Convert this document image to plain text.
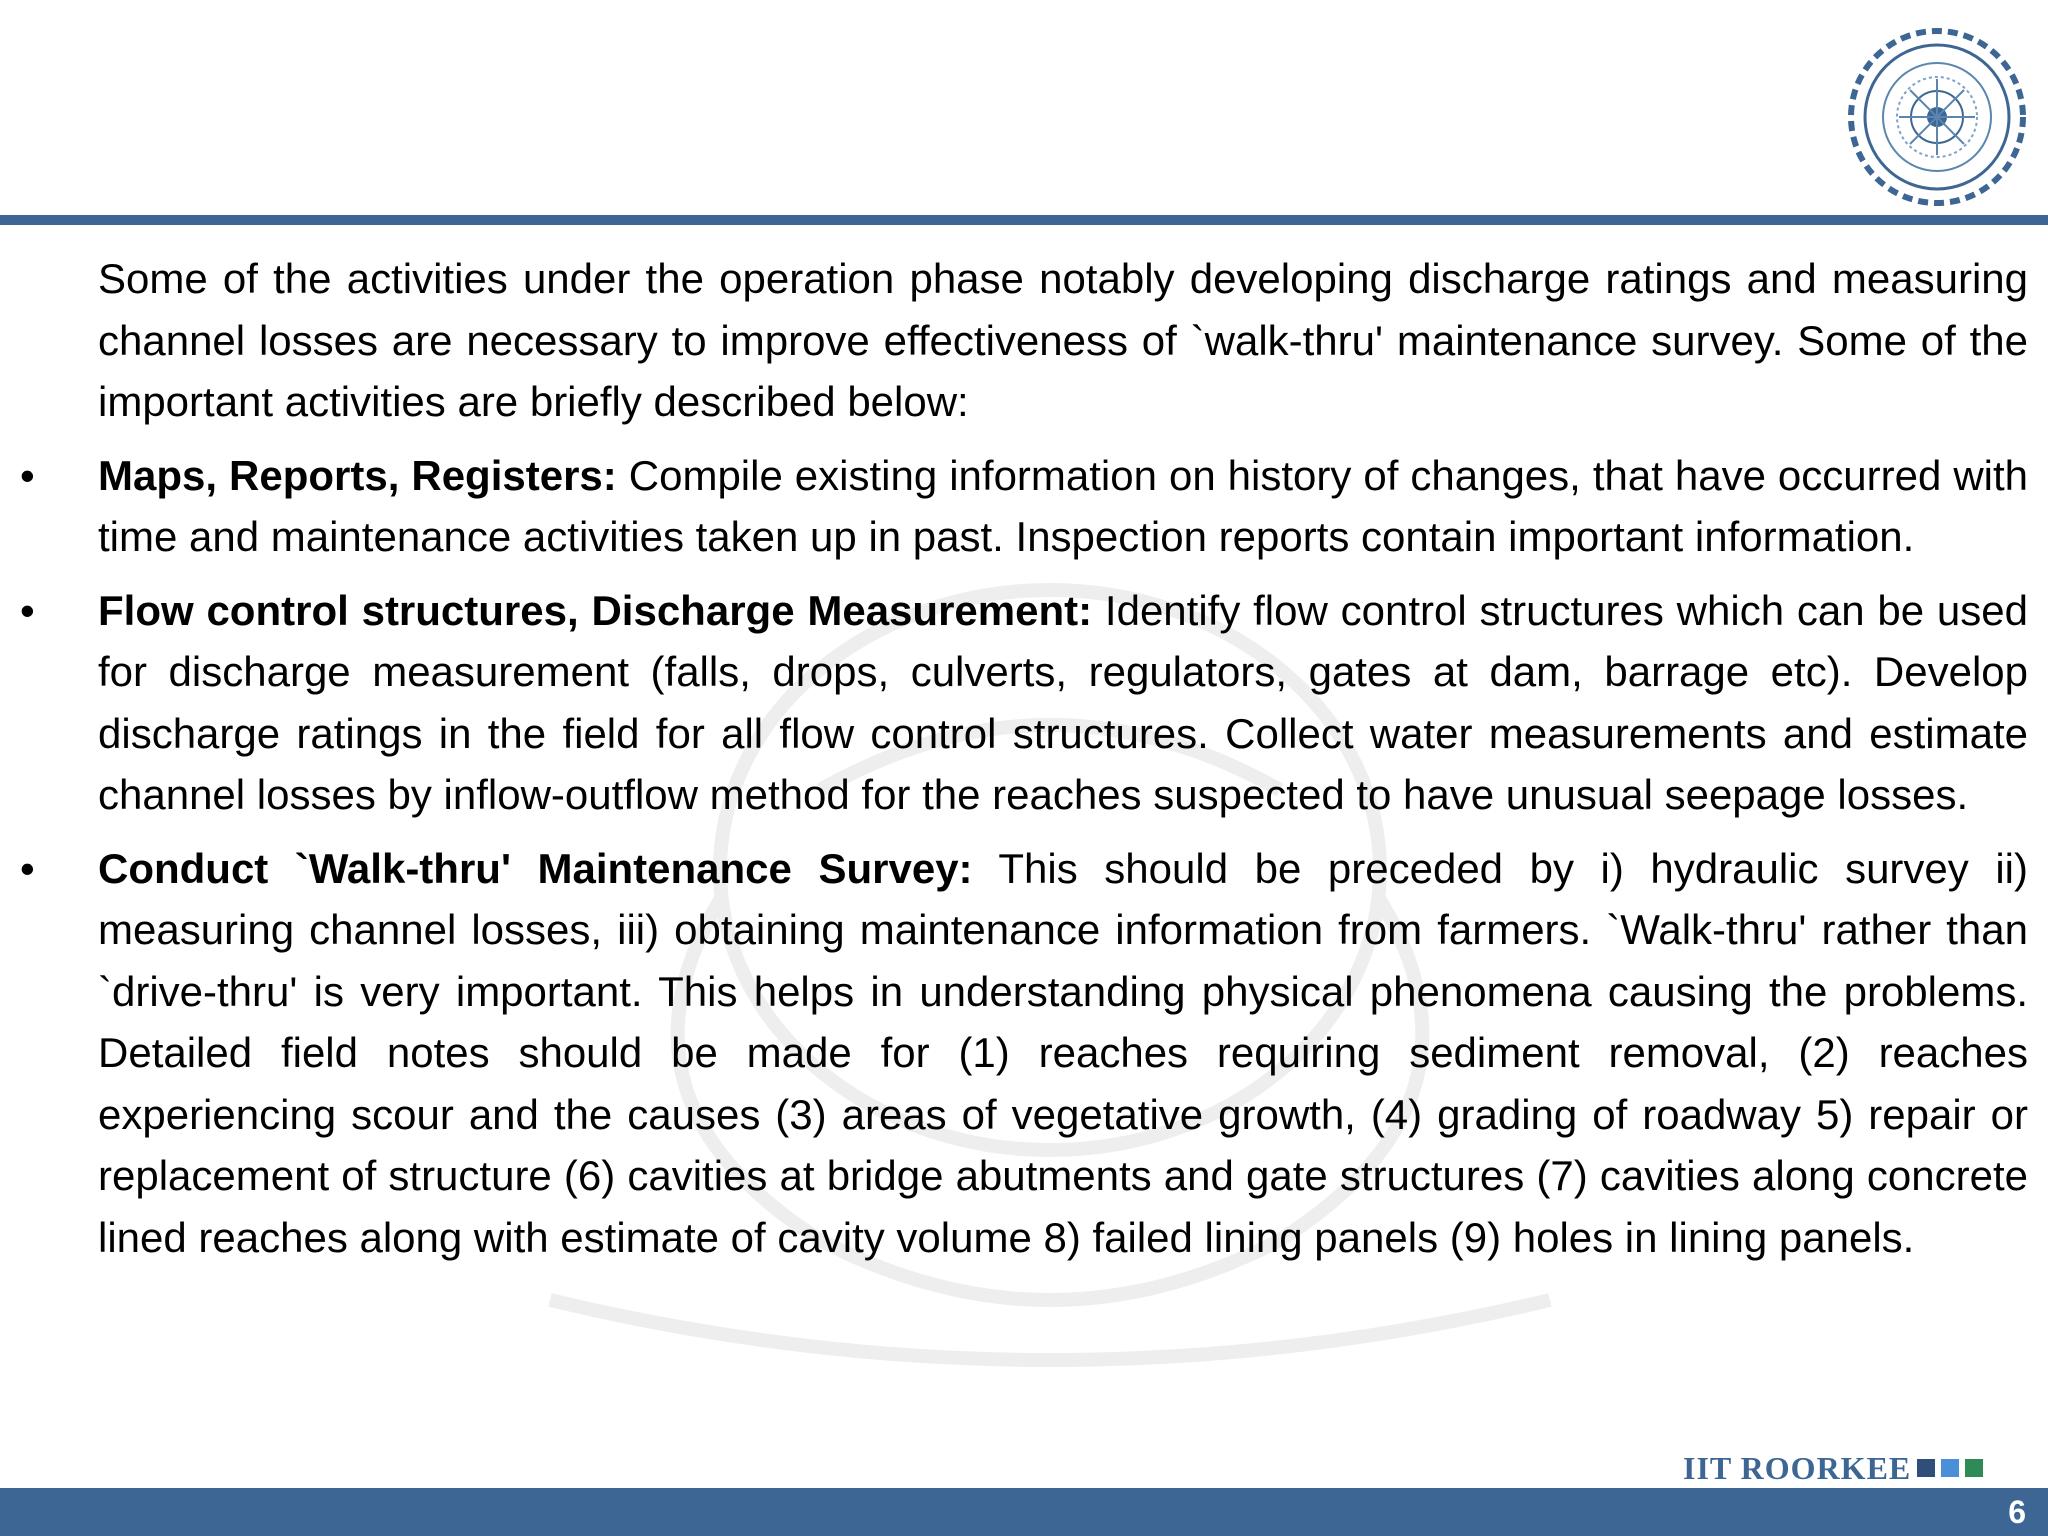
Some of the activities under the operation phase notably developing discharge ratings and measuring channel losses are necessary to improve effectiveness of `walk-thru' maintenance survey. Some of the important activities are briefly described below:

•	Maps, Reports, Registers: Compile existing information on history of changes, that have occurred with time and maintenance activities taken up in past. Inspection reports contain important information.

•	Flow control structures, Discharge Measurement: Identify flow control structures which can be used for discharge measurement (falls, drops, culverts, regulators, gates at dam, barrage etc). Develop discharge ratings in the field for all flow control structures. Collect water measurements and estimate channel losses by inflow-outflow method for the reaches suspected to have unusual seepage losses.

•	Conduct `Walk-thru' Maintenance Survey: This should be preceded by i) hydraulic survey ii) measuring channel losses, iii) obtaining maintenance information from farmers. `Walk-thru' rather than `drive-thru' is very important. This helps in understanding physical phenomena causing the problems. Detailed field notes should be made for (1) reaches requiring sediment removal, (2) reaches experiencing scour and the causes (3) areas of vegetative growth, (4) grading of roadway 5) repair or replacement of structure (6) cavities at bridge abutments and gate structures (7) cavities along concrete lined reaches along with estimate of cavity volume 8) failed lining panels (9) holes in lining panels.

IIT ROORKEE
6
